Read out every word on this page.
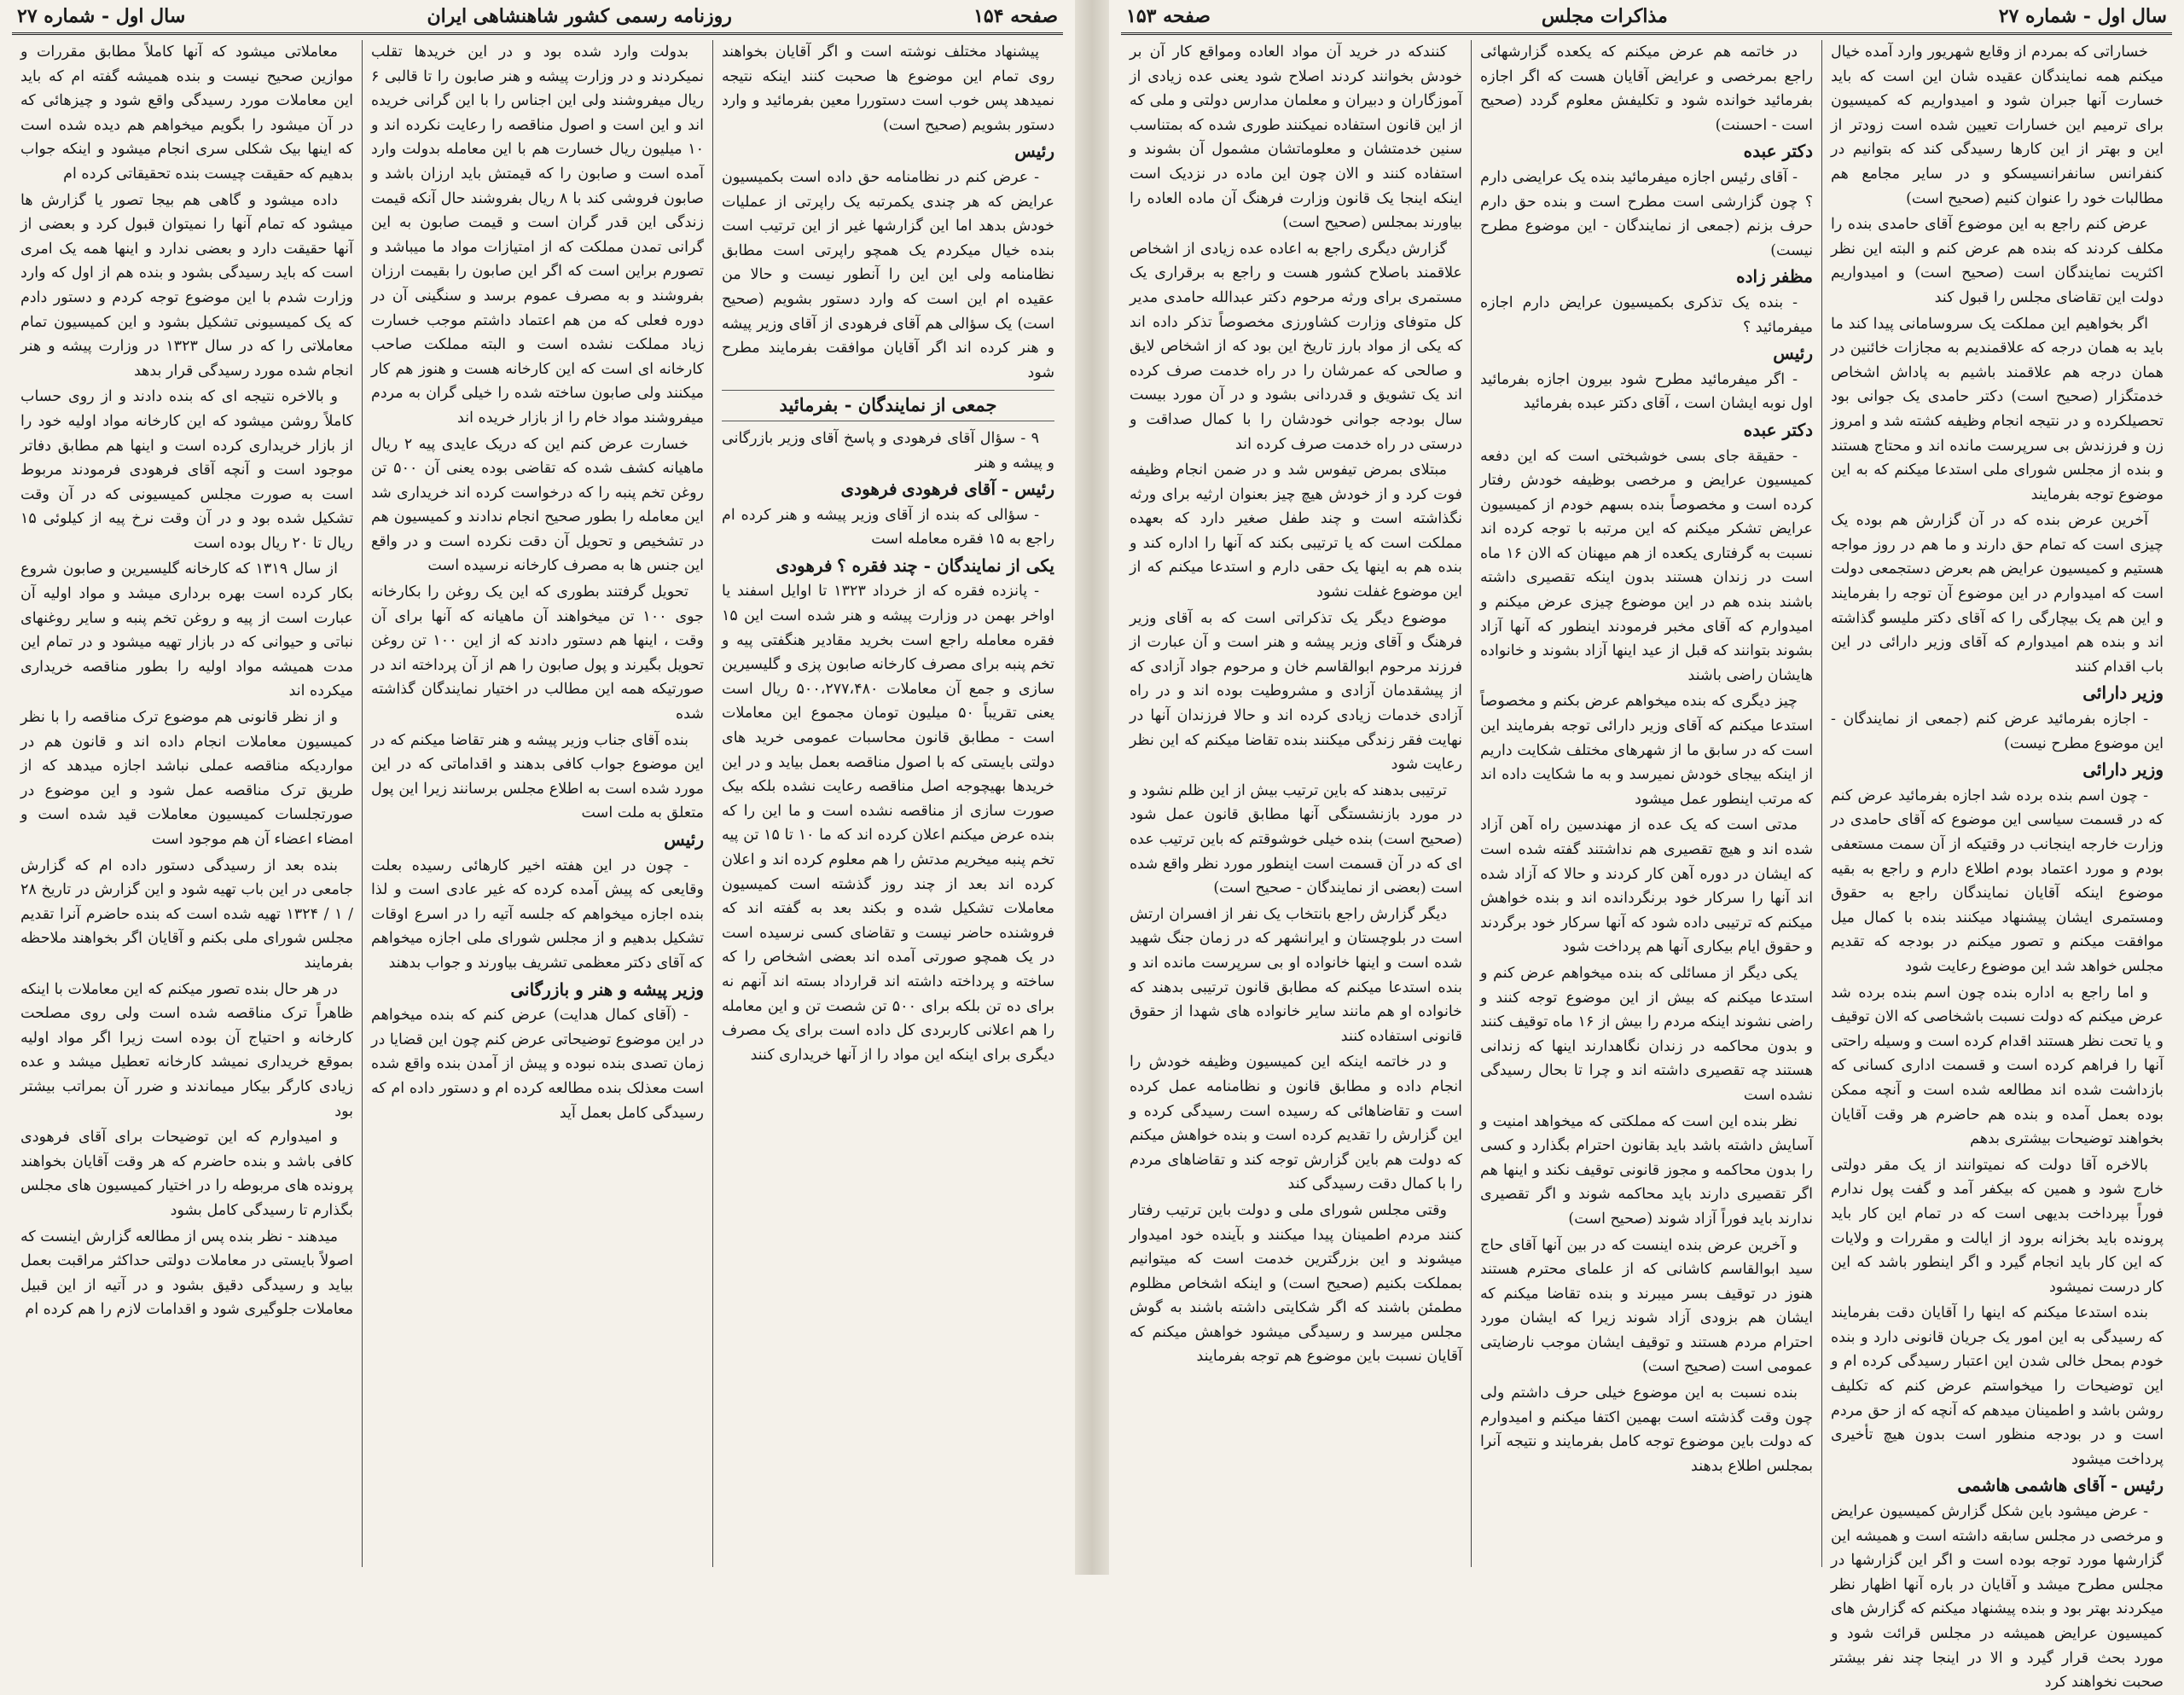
صفحه ۱۵۴
روزنامه رسمی کشور شاهنشاهی ایران
سال اول - شماره ۲۷
پیشنهاد مختلف نوشته است و اگر آقایان بخواهند روی تمام این موضوع ها صحبت کنند اینکه نتیجه نمیدهد پس خوب است دستوررا معین بفرمائید و وارد دستور بشویم (صحیح است)
رئیس
- عرض کنم در نظامنامه حق داده است بکمیسیون عرایض که هر چندی یکمرتبه یک راپرتی از عملیات خودش بدهد اما این گزارشها غیر از این ترتیب است بنده خیال میکردم یک همچو راپرتی است مطابق نظامنامه ولی این این را آنطور نیست و حالا من عقیده ام این است که وارد دستور بشویم (صحیح است) یک سؤالی هم آقای فرهودی از آقای وزیر پیشه و هنر کرده اند اگر آقایان موافقت بفرمایند مطرح شود
جمعی از نمایندگان - بفرمائید
۹ - سؤال آقای فرهودی و پاسخ آقای وزیر بازرگانی و پیشه و هنر
رئیس - آقای فرهودی فرهودی
- سؤالی که بنده از آقای وزیر پیشه و هنر کرده ام راجع به ۱۵ فقره معامله است
یکی از نمایندگان - چند فقره ؟ فرهودی
- پانزده فقره که از خرداد ۱۳۲۳ تا اوایل اسفند یا اواخر بهمن در وزارت پیشه و هنر شده است این ۱۵ فقره معامله راجع است بخرید مقادیر هنگفتی پیه و تخم پنبه برای مصرف کارخانه صابون پزی و گلیسیرین سازی و جمع آن معاملات ۵۰۰،۲۷۷،۴۸۰ ریال است یعنی تقریباً ۵۰ میلیون تومان مجموع این معاملات است - مطابق قانون محاسبات عمومی خرید های دولتی بایستی که با اصول مناقصه بعمل بیاید و در این خریدها بهیچوجه اصل مناقصه رعایت نشده بلکه بیک صورت سازی از مناقصه نشده است و ما این را که بنده عرض میکنم اعلان کرده اند که ما ۱۰ تا ۱۵ تن پیه تخم پنبه میخریم مدتش را هم معلوم کرده اند و اعلان کرده اند بعد از چند روز گذشته است کمیسیون معاملات تشکیل شده و بکند بعد به گفته اند که فروشنده حاضر نیست و تقاضای کسی نرسیده است در یک همچو صورتی آمده اند بعضی اشخاص را که ساخته و پرداخته داشته اند قرارداد بسته اند آنهم نه برای ده تن بلکه برای ۵۰۰ تن شصت تن و این معامله را هم اعلانی کاربردی کل داده است برای یک مصرف دیگری برای اینکه این مواد را از آنها خریداری کنند
بدولت وارد شده بود و در این خریدها تقلب نمیکردند و در وزارت پیشه و هنر صابون را تا قالبی ۶ ریال میفروشند ولی این اجناس را با این گرانی خریده اند و این است و اصول مناقصه را رعایت نکرده اند و ۱۰ میلیون ریال خسارت هم با این معامله بدولت وارد آمده است و صابون را که قیمتش باید ارزان باشد و صابون فروشی کند با ۸ ریال بفروشند حال آنکه قیمت زندگی این قدر گران است و قیمت صابون به این گرانی تمدن مملکت که از امتیازات مواد ما میباشد و تصورم براین است که اگر این صابون را بقیمت ارزان بفروشند و به مصرف عموم برسد و سنگینی آن در دوره فعلی که من هم اعتماد داشتم موجب خسارت زیاد مملکت نشده است و البته مملکت صاحب کارخانه ای است که این کارخانه هست و هنوز هم کار میکنند ولی صابون ساخته شده را خیلی گران به مردم میفروشند مواد خام را از بازار خریده اند
خسارت عرض کنم این که دریک عایدی پیه ۲ ریال ماهیانه کشف شده که تقاضی بوده یعنی آن ۵۰۰ تن روغن تخم پنبه را که درخواست کرده اند خریداری شد این معامله را بطور صحیح انجام ندادند و کمیسیون هم در تشخیص و تحویل آن دقت نکرده است و در واقع این جنس ها به مصرف کارخانه نرسیده است
تحویل گرفتند بطوری که این یک روغن را بکارخانه جوی ۱۰۰ تن میخواهند آن ماهیانه که آنها برای آن وقت ، اینها هم دستور دادند که از این ۱۰۰ تن روغن تحویل بگیرند و پول صابون را هم از آن پرداخته اند در صورتیکه همه این مطالب در اختیار نمایندگان گذاشته شده
بنده آقای جناب وزیر پیشه و هنر تقاضا میکنم که در این موضوع جواب کافی بدهند و اقداماتی که در این مورد شده است به اطلاع مجلس برسانند زیرا این پول متعلق به ملت است
رئیس
- چون در این هفته اخیر کارهائی رسیده بعلت وقایعی که پیش آمده کرده که غیر عادی است و لذا بنده اجازه میخواهم که جلسه آتیه را در اسرع اوقات تشکیل بدهیم و از مجلس شورای ملی اجازه میخواهم که آقای دکتر معظمی تشریف بیاورند و جواب بدهند
وزیر پیشه و هنر و بازرگانی
- (آقای کمال هدایت) عرض کنم که بنده میخواهم در این موضوع توضیحاتی عرض کنم چون این قضایا در زمان تصدی بنده نبوده و پیش از آمدن بنده واقع شده است معذلک بنده مطالعه کرده ام و دستور داده ام که رسیدگی کامل بعمل آید
معاملاتی میشود که آنها کاملاً مطابق مقررات و موازین صحیح نیست و بنده همیشه گفته ام که باید این معاملات مورد رسیدگی واقع شود و چیزهائی که در آن میشود را بگویم میخواهم هم دیده شده است که اینها بیک شکلی سری انجام میشود و اینکه جواب بدهیم که حقیقت چیست بنده تحقیقاتی کرده ام
داده میشود و گاهی هم بیجا تصور یا گزارش ها میشود که تمام آنها را نمیتوان قبول کرد و بعضی از آنها حقیقت دارد و بعضی ندارد و اینها همه یک امری است که باید رسیدگی بشود و بنده هم از اول که وارد وزارت شدم با این موضوع توجه کردم و دستور دادم که یک کمیسیونی تشکیل بشود و این کمیسیون تمام معاملاتی را که در سال ۱۳۲۳ در وزارت پیشه و هنر انجام شده مورد رسیدگی قرار بدهد
و بالاخره نتیجه ای که بنده دادند و از روی حساب کاملاً روشن میشود که این کارخانه مواد اولیه خود را از بازار خریداری کرده است و اینها هم مطابق دفاتر موجود است و آنچه آقای فرهودی فرمودند مربوط است به صورت مجلس کمیسیونی که در آن وقت تشکیل شده بود و در آن وقت نرخ پیه از کیلوئی ۱۵ ریال تا ۲۰ ریال بوده است
از سال ۱۳۱۹ که کارخانه گلیسیرین و صابون شروع بکار کرده است بهره برداری میشد و مواد اولیه آن عبارت است از پیه و روغن تخم پنبه و سایر روغنهای نباتی و حیوانی که در بازار تهیه میشود و در تمام این مدت همیشه مواد اولیه را بطور مناقصه خریداری میکرده اند
و از نظر قانونی هم موضوع ترک مناقصه را با نظر کمیسیون معاملات انجام داده اند و قانون هم در مواردیکه مناقصه عملی نباشد اجازه میدهد که از طریق ترک مناقصه عمل شود و این موضوع در صورتجلسات کمیسیون معاملات قید شده است و امضاء اعضاء آن هم موجود است
بنده بعد از رسیدگی دستور داده ام که گزارش جامعی در این باب تهیه شود و این گزارش در تاریخ ۲۸ / ۱ / ۱۳۲۴ تهیه شده است که بنده حاضرم آنرا تقدیم مجلس شورای ملی بکنم و آقایان اگر بخواهند ملاحظه بفرمایند
در هر حال بنده تصور میکنم که این معاملات با اینکه ظاهراً ترک مناقصه شده است ولی روی مصلحت کارخانه و احتیاج آن بوده است زیرا اگر مواد اولیه بموقع خریداری نمیشد کارخانه تعطیل میشد و عده زیادی کارگر بیکار میماندند و ضرر آن بمراتب بیشتر بود
و امیدوارم که این توضیحات برای آقای فرهودی کافی باشد و بنده حاضرم که هر وقت آقایان بخواهند پرونده های مربوطه را در اختیار کمیسیون های مجلس بگذارم تا رسیدگی کامل بشود
میدهند - نظر بنده پس از مطالعه گزارش اینست که اصولاً بایستی در معاملات دولتی حداکثر مراقبت بعمل بیاید و رسیدگی دقیق بشود و در آتیه از این قبیل معاملات جلوگیری شود و اقدامات لازم را هم کرده ام
سال اول - شماره ۲۷
مذاکرات مجلس
صفحه ۱۵۳
خساراتی که بمردم از وقایع شهریور وارد آمده خیال میکنم همه نمایندگان عقیده شان این است که باید خسارت آنها جبران شود و امیدواریم که کمیسیون برای ترمیم این خسارات تعیین شده است زودتر از این و بهتر از این کارها رسیدگی کند که بتوانیم در کنفرانس سانفرانسیسکو و در سایر مجامع هم مطالبات خود را عنوان کنیم (صحیح است)
عرض کنم راجع به این موضوع آقای حامدی بنده را مکلف کردند که بنده هم عرض کنم و البته این نظر اکثریت نمایندگان است (صحیح است) و امیدواریم دولت این تقاضای مجلس را قبول کند
اگر بخواهیم این مملکت یک سروسامانی پیدا کند ما باید به همان درجه که علاقمندیم به مجازات خائنین در همان درجه هم علاقمند باشیم به پاداش اشخاص خدمتگزار (صحیح است) دکتر حامدی یک جوانی بود تحصیلکرده و در نتیجه انجام وظیفه کشته شد و امروز زن و فرزندش بی سرپرست مانده اند و محتاج هستند و بنده از مجلس شورای ملی استدعا میکنم که به این موضوع توجه بفرمایند
آخرین عرض بنده که در آن گزارش هم بوده یک چیزی است که تمام حق دارند و ما هم در روز مواجه هستیم و کمیسیون عرایض هم بعرض دستجمعی دولت است که امیدوارم در این موضوع آن توجه را بفرمایند و این هم یک بیچارگی را که آقای دکتر ملیسو گذاشته اند و بنده هم امیدوارم که آقای وزیر دارائی در این باب اقدام کنند
وزیر دارائی
- اجازه بفرمائید عرض کنم (جمعی از نمایندگان - این موضوع مطرح نیست)
وزیر دارائی
- چون اسم بنده برده شد اجازه بفرمائید عرض کنم که در قسمت سیاسی این موضوع که آقای حامدی در وزارت خارجه اینجانب در وقتیکه از آن سمت مستعفی بودم و مورد اعتماد بودم اطلاع دارم و راجع به بقیه موضوع اینکه آقایان نمایندگان راجع به حقوق ومستمری ایشان پیشنهاد میکنند بنده با کمال میل موافقت میکنم و تصور میکنم در بودجه که تقدیم مجلس خواهد شد این موضوع رعایت شود
و اما راجع به اداره بنده چون اسم بنده برده شد عرض میکنم که دولت نسبت باشخاصی که الان توقیف و یا تحت نظر هستند اقدام کرده است و وسیله راحتی آنها را فراهم کرده است و قسمت اداری کسانی که بازداشت شده اند مطالعه شده است و آنچه ممکن بوده بعمل آمده و بنده هم حاضرم هر وقت آقایان بخواهند توضیحات بیشتری بدهم
بالاخره آقا دولت که نمیتوانند از یک مقر دولتی خارج شود و همین که بیکفر آمد و گفت پول ندارم فوراً بپرداخت بدیهی است که در تمام این کار باید پرونده باید بخزانه برود از ایالت و مقررات و ولایات که این کار باید انجام گیرد و اگر اینطور باشد که این کار درست نمیشود
بنده استدعا میکنم که اینها را آقایان دقت بفرمایند که رسیدگی به این امور یک جریان قانونی دارد و بنده خودم بمحل خالی شدن این اعتبار رسیدگی کرده ام و این توضیحات را میخواستم عرض کنم که تکلیف روشن باشد و اطمینان میدهم که آنچه که از حق مردم است و در بودجه منظور است بدون هیچ تأخیری پرداخت میشود
رئیس - آقای هاشمی هاشمی
- عرض میشود باین شکل گزارش کمیسیون عرایض و مرخصی در مجلس سابقه داشته است و همیشه این گزارشها مورد توجه بوده است و اگر این گزارشها در مجلس مطرح میشد و آقایان در باره آنها اظهار نظر میکردند بهتر بود و بنده پیشنهاد میکنم که گزارش های کمیسیون عرایض همیشه در مجلس قرائت شود و مورد بحث قرار گیرد و الا در اینجا چند نفر بیشتر صحبت نخواهند کرد
در خاتمه هم عرض میکنم که یکعده گزارشهائی راجع بمرخصی و عرایض آقایان هست که اگر اجازه بفرمائید خوانده شود و تکلیفش معلوم گردد (صحیح است - احسنت)
دکتر عبده
- آقای رئیس اجازه میفرمائید بنده یک عرایضی دارم ؟ چون گزارشی است مطرح است و بنده حق دارم حرف بزنم (جمعی از نمایندگان - این موضوع مطرح نیست)
مظفر زاده
- بنده یک تذکری بکمیسیون عرایض دارم اجازه میفرمائید ؟
رئیس
- اگر میفرمائید مطرح شود بیرون اجازه بفرمائید اول نوبه ایشان است ، آقای دکتر عبده بفرمائید
دکتر عبده
- حقیقة جای بسی خوشبختی است که این دفعه کمیسیون عرایض و مرخصی بوظیفه خودش رفتار کرده است و مخصوصاً بنده بسهم خودم از کمیسیون عرایض تشکر میکنم که این مرتبه با توجه کرده اند نسبت به گرفتاری یکعده از هم میهنان که الان ۱۶ ماه است در زندان هستند بدون اینکه تقصیری داشته باشند بنده هم در این موضوع چیزی عرض میکنم و امیدوارم که آقای مخبر فرمودند اینطور که آنها آزاد بشوند بتوانند که قبل از عید اینها آزاد بشوند و خانواده هایشان راضی باشند
چیز دیگری که بنده میخواهم عرض بکنم و مخصوصاً استدعا میکنم که آقای وزیر دارائی توجه بفرمایند این است که در سابق ما از شهرهای مختلف شکایت داریم از اینکه بیجای خودش نمیرسد و به ما شکایت داده اند که مرتب اینطور عمل میشود
مدتی است که یک عده از مهندسین راه آهن آزاد شده اند و هیچ تقصیری هم نداشتند گفته شده است که ایشان در دوره آهن کار کردند و حالا که آزاد شده اند آنها را سرکار خود برنگردانده اند و بنده خواهش میکنم که ترتیبی داده شود که آنها سرکار خود برگردند و حقوق ایام بیکاری آنها هم پرداخت شود
یکی دیگر از مسائلی که بنده میخواهم عرض کنم و استدعا میکنم که بیش از این موضوع توجه کنند و راضی نشوند اینکه مردم را بیش از ۱۶ ماه توقیف کنند و بدون محاکمه در زندان نگاهدارند اینها که زندانی هستند چه تقصیری داشته اند و چرا تا بحال رسیدگی نشده است
نظر بنده این است که مملکتی که میخواهد امنیت و آسایش داشته باشد باید بقانون احترام بگذارد و کسی را بدون محاکمه و مجوز قانونی توقیف نکند و اینها هم اگر تقصیری دارند باید محاکمه شوند و اگر تقصیری ندارند باید فوراً آزاد شوند (صحیح است)
و آخرین عرض بنده اینست که در بین آنها آقای حاج سید ابوالقاسم کاشانی که از علمای محترم هستند هنوز در توقیف بسر میبرند و بنده تقاضا میکنم که ایشان هم بزودی آزاد شوند زیرا که ایشان مورد احترام مردم هستند و توقیف ایشان موجب نارضایتی عمومی است (صحیح است)
بنده نسبت به این موضوع خیلی حرف داشتم ولی چون وقت گذشته است بهمین اکتفا میکنم و امیدوارم که دولت باین موضوع توجه کامل بفرمایند و نتیجه آنرا بمجلس اطلاع بدهند
کنندکه در خرید آن مواد العاده ومواقع کار آن بر خودش بخوانند کردند اصلاح شود یعنی عده زیادی از آموزگاران و دبیران و معلمان مدارس دولتی و ملی که از این قانون استفاده نمیکنند طوری شده که بمتناسب سنین خدمتشان و معلوماتشان مشمول آن بشوند و استفاده کنند و الان چون این ماده در نزدیک است اینکه اینجا یک قانون وزارت فرهنگ آن ماده العاده را بیاورند بمجلس (صحیح است)
گزارش دیگری راجع به اعاده عده زیادی از اشخاص علاقمند باصلاح کشور هست و راجع به برقراری یک مستمری برای ورثه مرحوم دکتر عبدالله حامدی مدیر کل متوفای وزارت کشاورزی مخصوصاً تذکر داده اند که یکی از مواد بارز تاریخ این بود که از اشخاص لایق و صالحی که عمرشان را در راه خدمت صرف کرده اند یک تشویق و قدردانی بشود و در آن مورد بیست سال بودجه جوانی خودشان را با کمال صداقت و درستی در راه خدمت صرف کرده اند
مبتلای بمرض تیفوس شد و در ضمن انجام وظیفه فوت کرد و از خودش هیچ چیز بعنوان ارثیه برای ورثه نگذاشته است و چند طفل صغیر دارد که بعهده مملکت است که یا ترتیبی بکند که آنها را اداره کند و بنده هم به اینها یک حقی دارم و استدعا میکنم که از این موضوع غفلت نشود
موضوع دیگر یک تذکراتی است که به آقای وزیر فرهنگ و آقای وزیر پیشه و هنر است و آن عبارت از فرزند مرحوم ابوالقاسم خان و مرحوم جواد آزادی که از پیشقدمان آزادی و مشروطیت بوده اند و در راه آزادی خدمات زیادی کرده اند و حالا فرزندان آنها در نهایت فقر زندگی میکنند بنده تقاضا میکنم که این نظر رعایت شود
ترتیبی بدهند که باین ترتیب بیش از این ظلم نشود و در مورد بازنشستگی آنها مطابق قانون عمل شود (صحیح است) بنده خیلی خوشوقتم که باین ترتیب عده ای که در آن قسمت است اینطور مورد نظر واقع شده است (بعضی از نمایندگان - صحیح است)
دیگر گزارش راجع بانتخاب یک نفر از افسران ارتش است در بلوچستان و ایرانشهر که در زمان جنگ شهید شده است و اینها خانواده او بی سرپرست مانده اند و بنده استدعا میکنم که مطابق قانون ترتیبی بدهند که خانواده او هم مانند سایر خانواده های شهدا از حقوق قانونی استفاده کنند
و در خاتمه اینکه این کمیسیون وظیفه خودش را انجام داده و مطابق قانون و نظامنامه عمل کرده است و تقاضاهائی که رسیده است رسیدگی کرده و این گزارش را تقدیم کرده است و بنده خواهش میکنم که دولت هم باین گزارش توجه کند و تقاضاهای مردم را با کمال دقت رسیدگی کند
وقتی مجلس شورای ملی و دولت باین ترتیب رفتار کنند مردم اطمینان پیدا میکنند و بآینده خود امیدوار میشوند و این بزرگترین خدمت است که میتوانیم بمملکت بکنیم (صحیح است) و اینکه اشخاص مظلوم مطمئن باشند که اگر شکایتی داشته باشند به گوش مجلس میرسد و رسیدگی میشود خواهش میکنم که آقایان نسبت باین موضوع هم توجه بفرمایند
